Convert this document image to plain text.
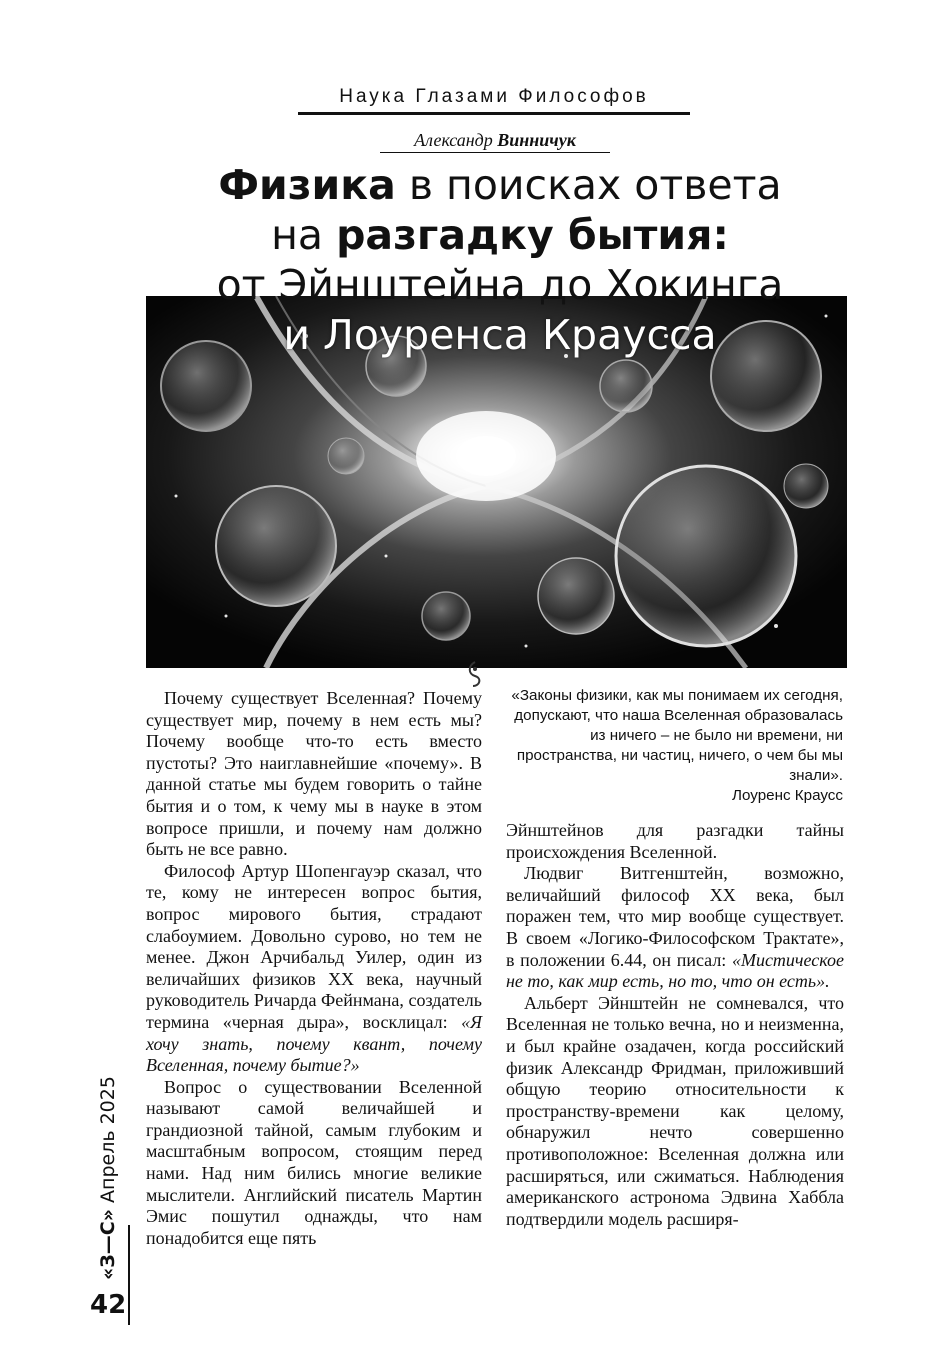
Наука Глазами Философов
Александр Винничук
Физика в поисках ответа
на разгадку бытия:
от Эйнштейна до Хокинга
и Лоуренса Краусса
«Законы физики, как мы понимаем их сегодня, допускают, что наша Вселенная образовалась из ничего – не было ни времени, ни пространства, ни частиц, ничего, о чем бы мы знали».
Лоуренс Краусс

Почему существует Вселенная? Почему существует мир, почему в нем есть мы? Почему вообще что-то есть вместо пустоты? Это наиглавнейшие «почему». В данной статье мы будем говорить о тайне бытия и о том, к чему мы в науке в этом вопросе пришли, и почему нам должно быть не все равно.

Философ Артур Шопенгауэр сказал, что те, кому не интересен вопрос бытия, вопрос мирового бытия, страдают слабоумием. Довольно сурово, но тем не менее. Джон Арчибальд Уилер, один из величайших физиков XX века, научный руководитель Ричарда Фейнмана, создатель термина «черная дыра», восклицал: «Я хочу знать, почему квант, почему Вселенная, почему бытие?»

Вопрос о существовании Вселенной называют самой величайшей и грандиозной тайной, самым глубоким и масштабным вопросом, стоящим перед нами. Над ним бились многие великие мыслители. Английский писатель Мартин Эмис пошутил однажды, что нам понадобится еще пять

Эйнштейнов для разгадки тайны происхождения Вселенной.

Людвиг Витгенштейн, возможно, величайший философ XX века, был поражен тем, что мир вообще существует. В своем «Логико-Философском Трактате», в положении 6.44, он писал: «Мистическое не то, как мир есть, но то, что он есть».

Альберт Эйнштейн не сомневался, что Вселенная не только вечна, но и неизменна, и был крайне озадачен, когда российский физик Александр Фридман, приложивший общую теорию относительности к пространству-времени как целому, обнаружил нечто совершенно противоположное: Вселенная должна или расширяться, или сжиматься. Наблюдения американского астронома Эдвина Хаббла подтвердили модель расширя-

«З—С» Апрель 2025
42
